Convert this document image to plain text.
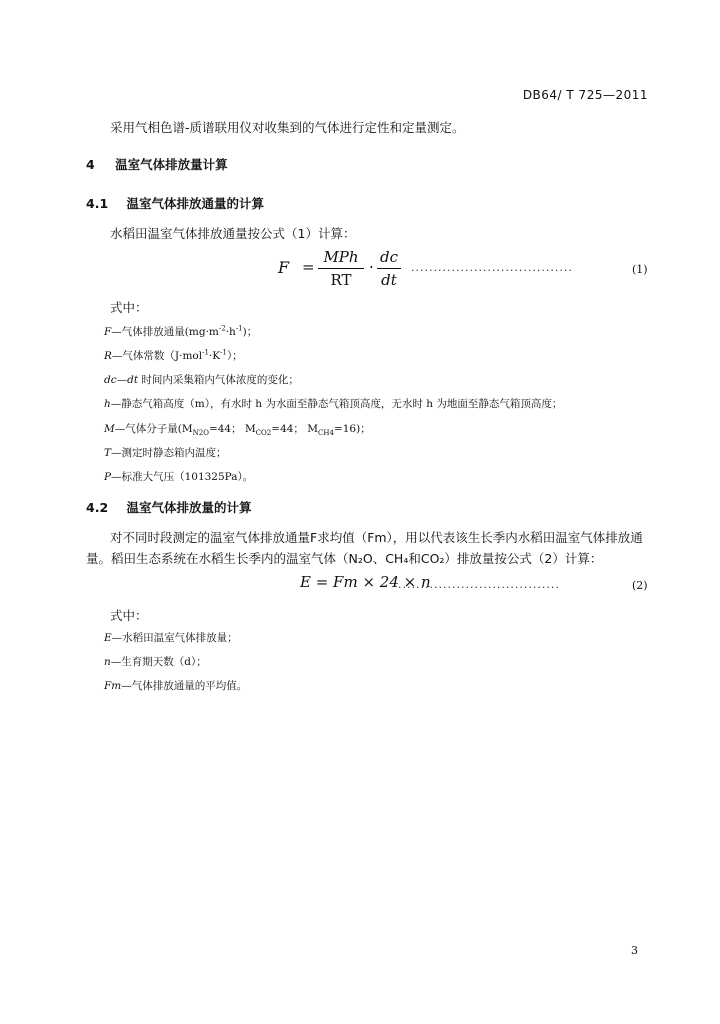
DB64/ T 725—2011
采用气相色谱-质谱联用仪对收集到的气体进行定性和定量测定。
4 温室气体排放量计算
4.1 温室气体排放通量的计算
水稻田温室气体排放通量按公式（1）计算：
F =
MPh
RT
·
dc
dt
....................................	(1)
式中：
F—气体排放通量$(mg\cdot m^{-2}\cdot h^{-1})$；
R—气体常数$(J\cdot mol^{-1}\cdot K^{-1})$；
dc—dt 时间内采集箱内气体浓度的变化；
h—静态气箱高度（m），有水时 h 为水面至静态气箱顶高度，无水时 h 为地面至静态气箱顶高度；
M—气体分子量($M_{N2O}=44$； $M_{CO2}=44$； $M_{CH4}=16$)；
T—测定时静态箱内温度；
P—标准大气压（101325Pa）。
4.2 温室气体排放量的计算
对不同时段测定的温室气体排放通量F求均值（Fm），用以代表该生长季内水稻田温室气体排放通
量。稻田生态系统在水稻生长季内的温室气体（N₂O、CH₄和CO₂）排放量按公式（2）计算：
E = Fm × 24 × n
....................................	(2)
式中：
E—水稻田温室气体排放量；
n—生育期天数（d）；
Fm—气体排放通量的平均值。
3
